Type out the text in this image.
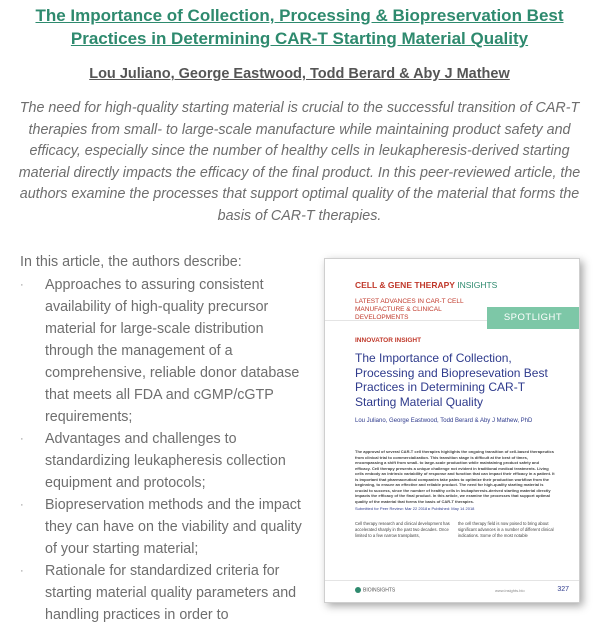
The Importance of Collection, Processing & Biopreservation Best
Practices in Determining CAR-T Starting Material Quality
Lou Juliano, George Eastwood, Todd Berard & Aby J Mathew

The need for high-quality starting material is crucial to the successful transition of CAR-T therapies from small- to large-scale manufacture while maintaining product safety and efficacy, especially since the number of healthy cells in leukapheresis-derived starting material directly impacts the efficacy of the final product. In this peer-reviewed article, the authors examine the processes that support optimal quality of the material that forms the basis of CAR-T therapies.

In this article, the authors describe:

·	Approaches to assuring consistent availability of high-quality precursor material for large-scale distribution through the management of a comprehensive, reliable donor database that meets all FDA and cGMP/cGTP requirements;
·	Advantages and challenges to standardizing leukapheresis collection equipment and protocols;
·	Biopreservation methods and the impact they can have on the viability and quality of your starting material;
·	Rationale for standardized criteria for starting material quality parameters and handling practices in order to
CELL & GENE THERAPY INSIGHTS
LATEST ADVANCES IN CAR-T CELL MANUFACTURE & CLINICAL DEVELOPMENTS	SPOTLIGHT
INNOVATOR INSIGHT
The Importance of Collection, Processing and Biopresevation Best Practices in Determining CAR-T Starting Material Quality
Lou Juliano, George Eastwood, Todd Berard & Aby J Mathew, PhD
The approval of several CAR-T cell therapies highlights the ongoing transition of cell-based therapeutics from clinical trial to commercialization. This transition stage is difficult at the best of times, encompassing a shift from small- to large-scale production while maintaining product safety and efficacy. Cell therapy presents a unique challenge not evident in traditional medical treatments. Living cells embody an intrinsic variability of response and function that can impact their efficacy in a patient. It is important that pharmaceutical companies take pains to optimize their production workflow from the beginning, to ensure an effective and reliable product. The need for high-quality starting material is crucial to success, since the number of healthy cells in leukapheresis-derived starting material directly impacts the efficacy of the final product. In this article, we examine the processes that support optimal quality of the material that forms the basis of CAR-T therapies.
Submitted for Peer Review: Mar 22 2018 ▸ Published: May 14 2018
Cell therapy research and clinical development has accelerated sharply in the past two decades. Once limited to a few narrow transplants,
the cell therapy field is now poised to bring about significant advances in a number of different clinical indications. Some of the most notable
BIOINSIGHTS	www.insights.bio	327
